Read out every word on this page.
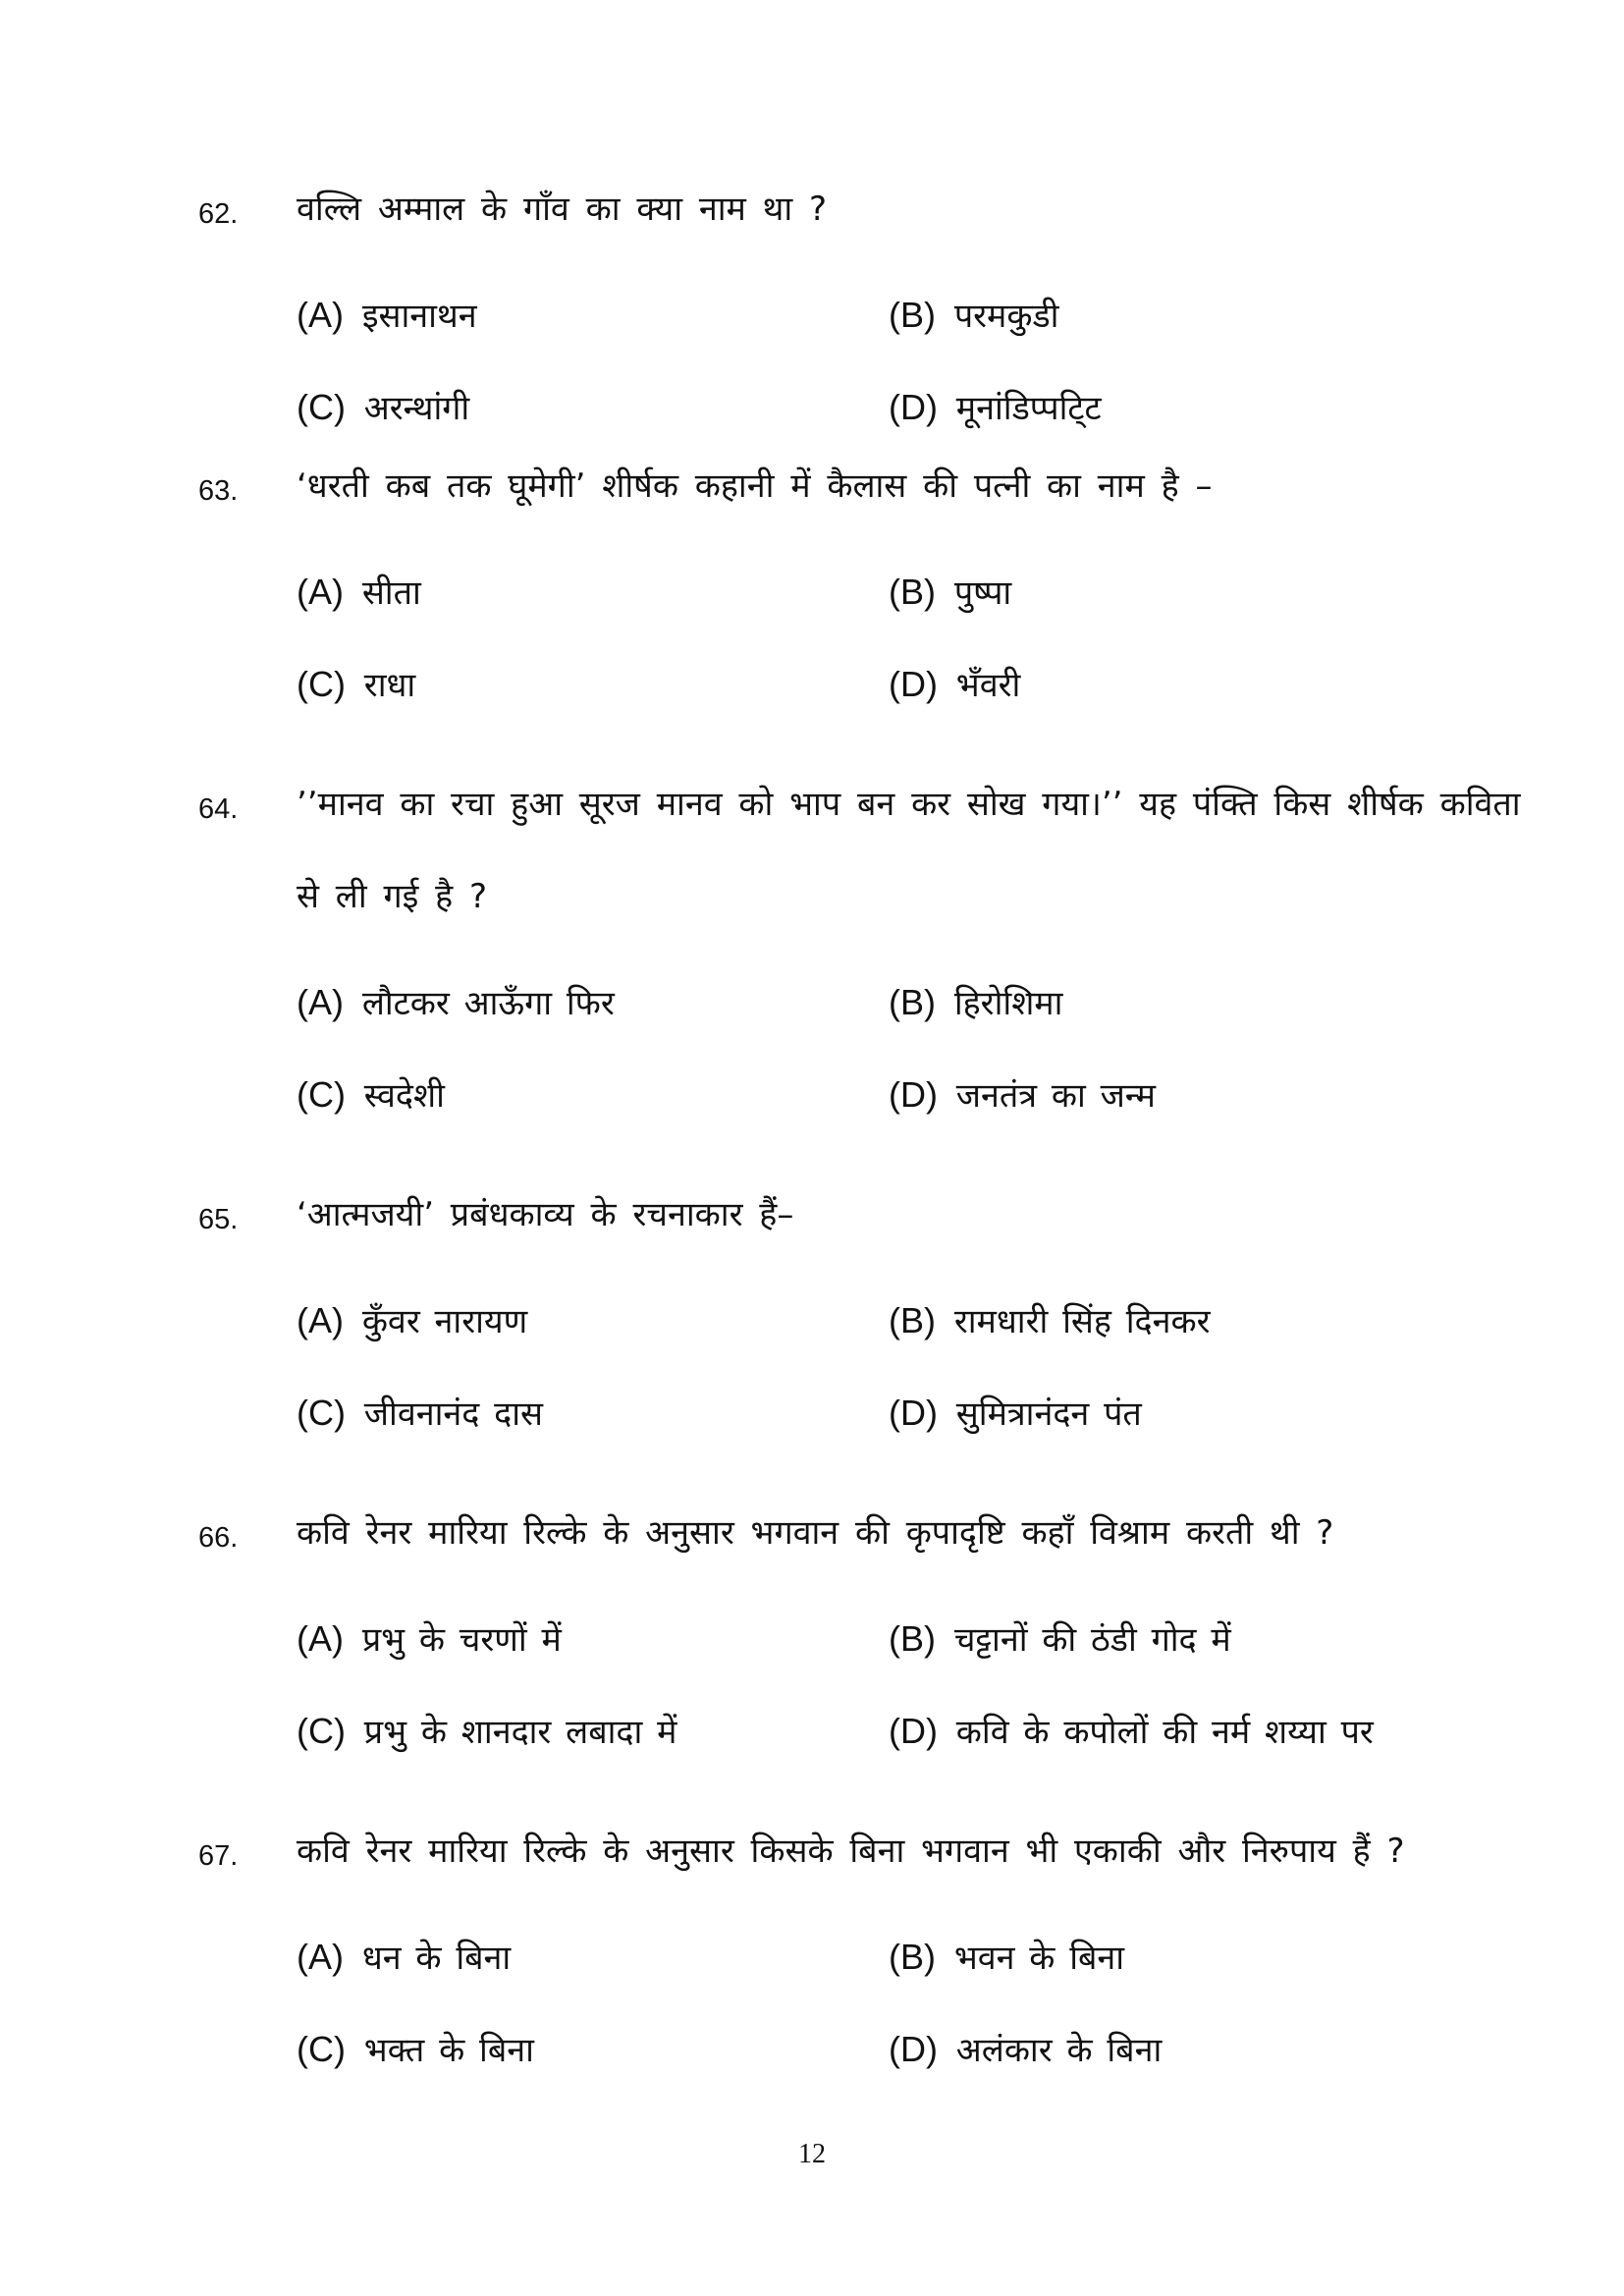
62. वल्लि अम्माल के गाँव का क्या नाम था ?
(A) इसानाथन	(B) परमकुडी
(C) अरन्थांगी	(D) मूनांडिप्पटि्ट
63. ‘धरती कब तक घूमेगी’ शीर्षक कहानी में कैलास की पत्नी का नाम है –
(A) सीता	(B) पुष्पा
(C) राधा	(D) भँवरी
64. ’’मानव का रचा हुआ सूरज मानव को भाप बन कर सोख गया।’’ यह पंक्ति किस शीर्षक कविता से ली गई है ?
(A) लौटकर आऊँगा फिर	(B) हिरोशिमा
(C) स्वदेशी	(D) जनतंत्र का जन्म
65. ‘आत्मजयी’ प्रबंधकाव्य के रचनाकार हैं–
(A) कुँवर नारायण	(B) रामधारी सिंह दिनकर
(C) जीवनानंद दास	(D) सुमित्रानंदन पंत
66. कवि रेनर मारिया रिल्के के अनुसार भगवान की कृपादृष्टि कहाँ विश्राम करती थी ?
(A) प्रभु के चरणों में	(B) चट्टानों की ठंडी गोद में
(C) प्रभु के शानदार लबादा में	(D) कवि के कपोलों की नर्म शय्या पर
67. कवि रेनर मारिया रिल्के के अनुसार किसके बिना भगवान भी एकाकी और निरुपाय हैं ?
(A) धन के बिना	(B) भवन के बिना
(C) भक्त के बिना	(D) अलंकार के बिना
12
